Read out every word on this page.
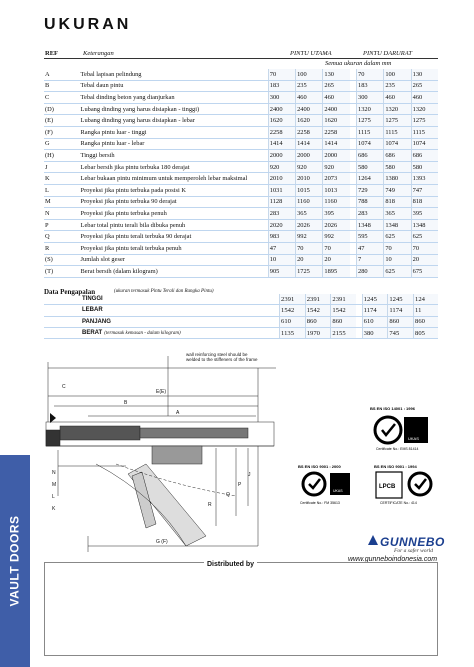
UKURAN
REF	Keterangan	PINTU UTAMA	PINTU DARURAT
Semua ukuran dalam mm
A	Tebal lapisan pelindung	70	100	130		70	100	130
B	Tebal daun pintu	183	235	265		183	235	265
C	Tebal dinding beton yang dianjurkan	300	460	460		300	460	460
(D)	Lubang dinding yang harus disiapkan - tinggi)	2400	2400	2400		1320	1320	1320
(E)	Lubang dinding yang harus disiapkan - lebar	1620	1620	1620		1275	1275	1275
(F)	Rangka pintu luar - tinggi	2258	2258	2258		1115	1115	1115
G	Rangka pintu luar - lebar	1414	1414	1414		1074	1074	1074
(H)	Tinggi bersih	2000	2000	2000		686	686	686
J	Lebar bersih jika pintu terbuka 180 derajat	920	920	920		580	580	580
K	Lebar bukaan pintu minimum untuk memperoleh lebar maksimal	2010	2010	2073		1264	1380	1393
L	Proyeksi jika pintu terbuka pada posisi K	1031	1015	1013		729	749	747
M	Proyeksi jika pintu terbuka 90 derajat	1128	1160	1160		788	818	818
N	Proyeksi jika pintu terbuka penuh	283	365	395		283	365	395
P	Lebar total pintu terali bila dibuka penuh	2020	2026	2026		1348	1348	1348
Q	Proyeksi jika pintu terali terbuka 90 derajat	983	992	992		595	625	625
R	Proyeksi jika pintu terali terbuka penuh	47	70	70		47	70	70
(S)	Jumlah slot geser	10	20	20		7	10	20
(T)	Berat bersih (dalam kilogram)	905	1725	1895		280	625	675
Data Pengapalan	(ukuran termasuk Pintu Terali dan Rangka Pintu)
TINGGI	2391	2391	2391		1245	1245	124
LEBAR	1542	1542	1542		1174	1174	11
PANJANG	610	860	860		610	860	860
BERAT (termasuk kemasan - dalam kilogram)	1135	1970	2155		380	745	805
C
E(E)
B
A
N
M
L
K
G (F)
J
P
Q
R
wall reinforcing steel should be
welded to the stiffeners of the frame
BS EN ISO 14001 : 1996
UKAS
Certificate No.: EMS 81414
BS EN ISO 9001 : 2000
UKAS
Certificate No.: FM 35613
BS EN ISO 9001 : 1994
LPCB
CERTIFICATE No.: 414
GUNNEBO
For a safer world
www.gunneboindonesia.com
Distributed by
VAULT DOORS
